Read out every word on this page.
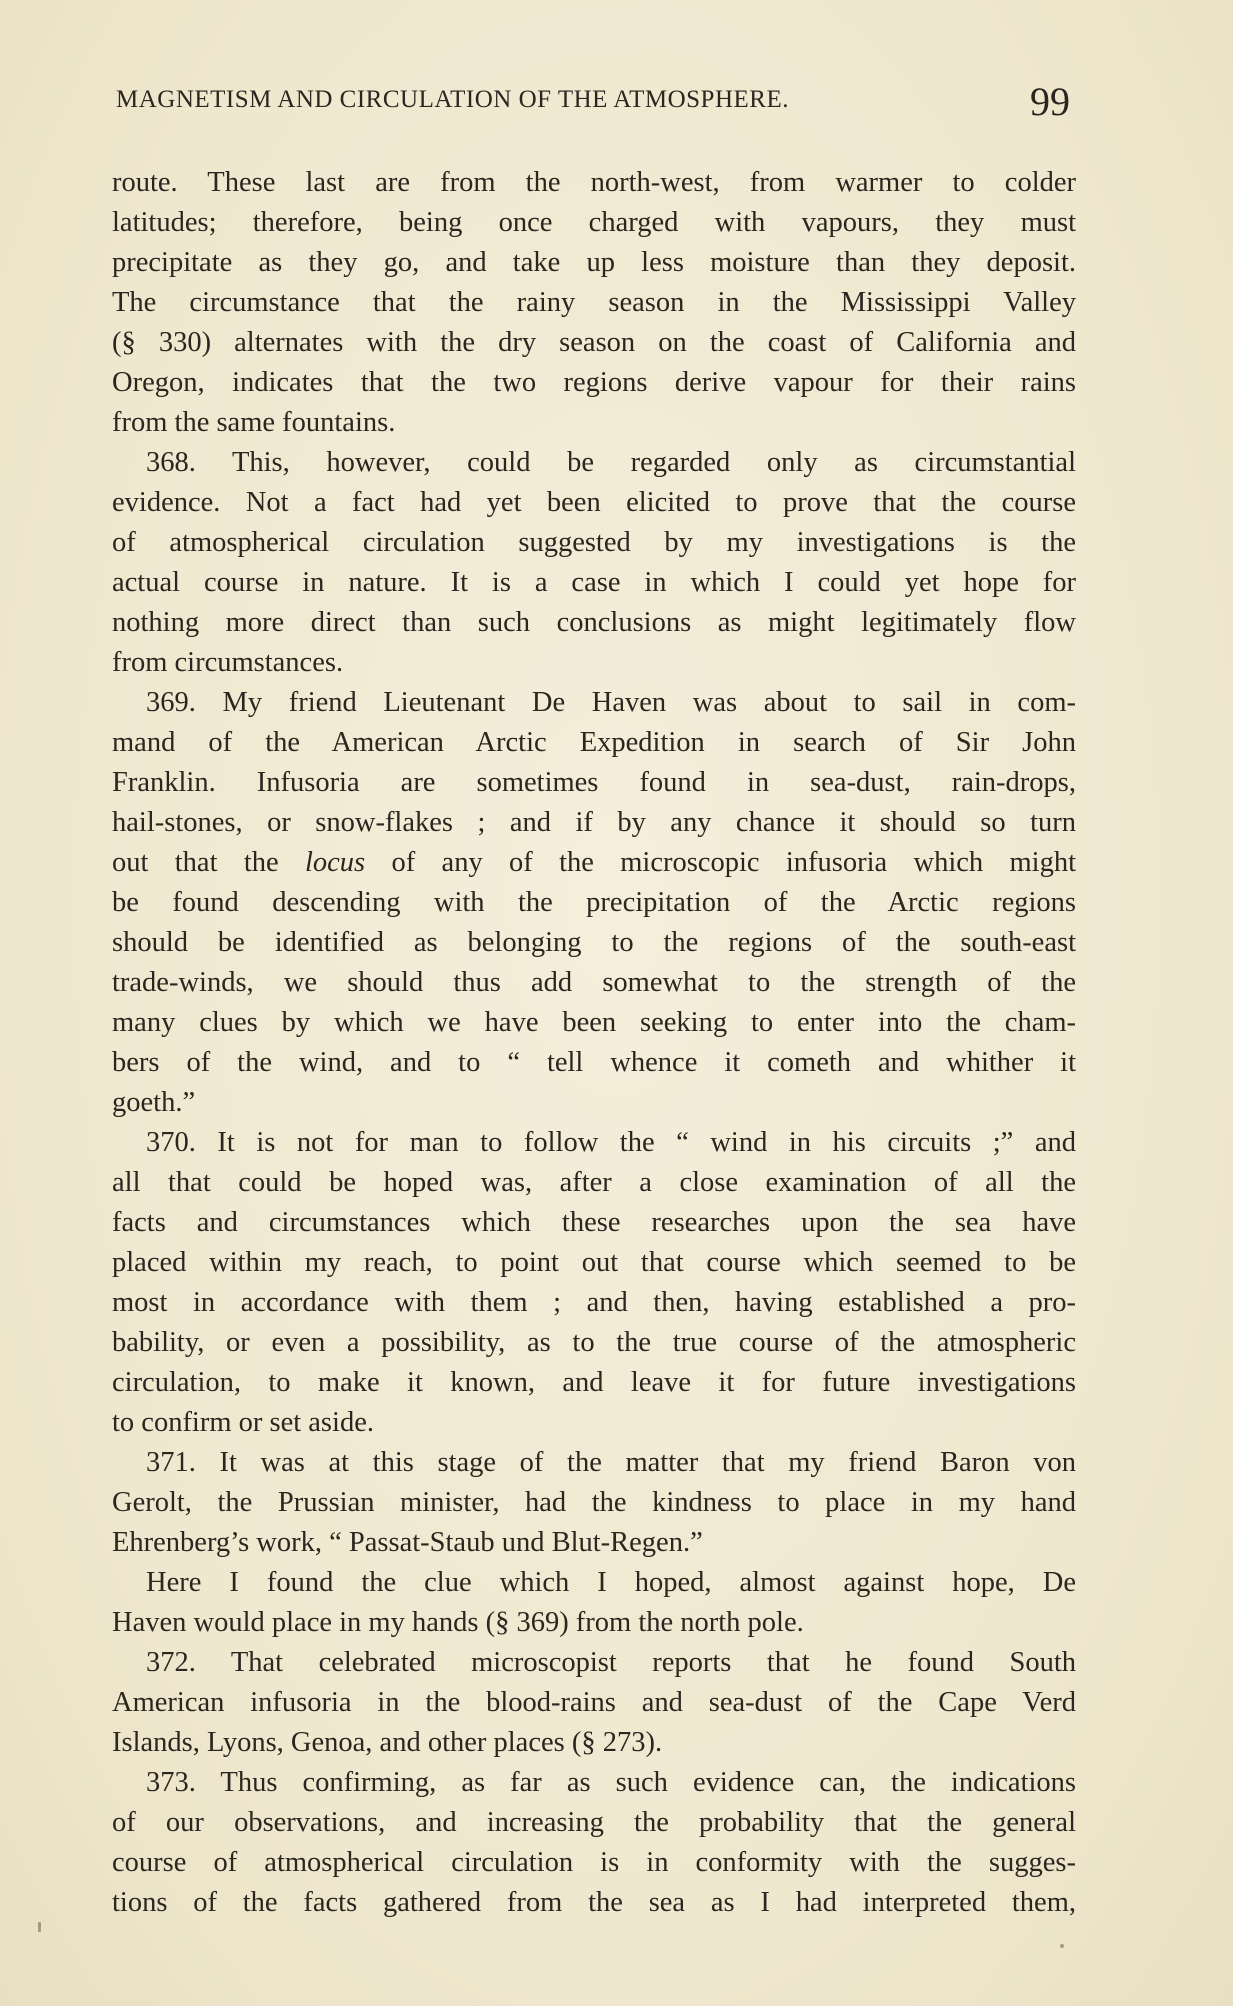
MAGNETISM AND CIRCULATION OF THE ATMOSPHERE.	99
route. These last are from the north-west, from warmer to colder
latitudes; therefore, being once charged with vapours, they must
precipitate as they go, and take up less moisture than they deposit.
The circumstance that the rainy season in the Mississippi Valley
(§ 330) alternates with the dry season on the coast of California and
Oregon, indicates that the two regions derive vapour for their rains
from the same fountains.
368. This, however, could be regarded only as circumstantial
evidence. Not a fact had yet been elicited to prove that the course
of atmospherical circulation suggested by my investigations is the
actual course in nature. It is a case in which I could yet hope for
nothing more direct than such conclusions as might legitimately flow
from circumstances.
369. My friend Lieutenant De Haven was about to sail in com-
mand of the American Arctic Expedition in search of Sir John
Franklin. Infusoria are sometimes found in sea-dust, rain-drops,
hail-stones, or snow-flakes ; and if by any chance it should so turn
out that the locus of any of the microscopic infusoria which might
be found descending with the precipitation of the Arctic regions
should be identified as belonging to the regions of the south-east
trade-winds, we should thus add somewhat to the strength of the
many clues by which we have been seeking to enter into the cham-
bers of the wind, and to “ tell whence it cometh and whither it
goeth.”
370. It is not for man to follow the “ wind in his circuits ;” and
all that could be hoped was, after a close examination of all the
facts and circumstances which these researches upon the sea have
placed within my reach, to point out that course which seemed to be
most in accordance with them ; and then, having established a pro-
bability, or even a possibility, as to the true course of the atmospheric
circulation, to make it known, and leave it for future investigations
to confirm or set aside.
371. It was at this stage of the matter that my friend Baron von
Gerolt, the Prussian minister, had the kindness to place in my hand
Ehrenberg’s work, “ Passat-Staub und Blut-Regen.”
Here I found the clue which I hoped, almost against hope, De
Haven would place in my hands (§ 369) from the north pole.
372. That celebrated microscopist reports that he found South
American infusoria in the blood-rains and sea-dust of the Cape Verd
Islands, Lyons, Genoa, and other places (§ 273).
373. Thus confirming, as far as such evidence can, the indications
of our observations, and increasing the probability that the general
course of atmospherical circulation is in conformity with the sugges-
tions of the facts gathered from the sea as I had interpreted them,
